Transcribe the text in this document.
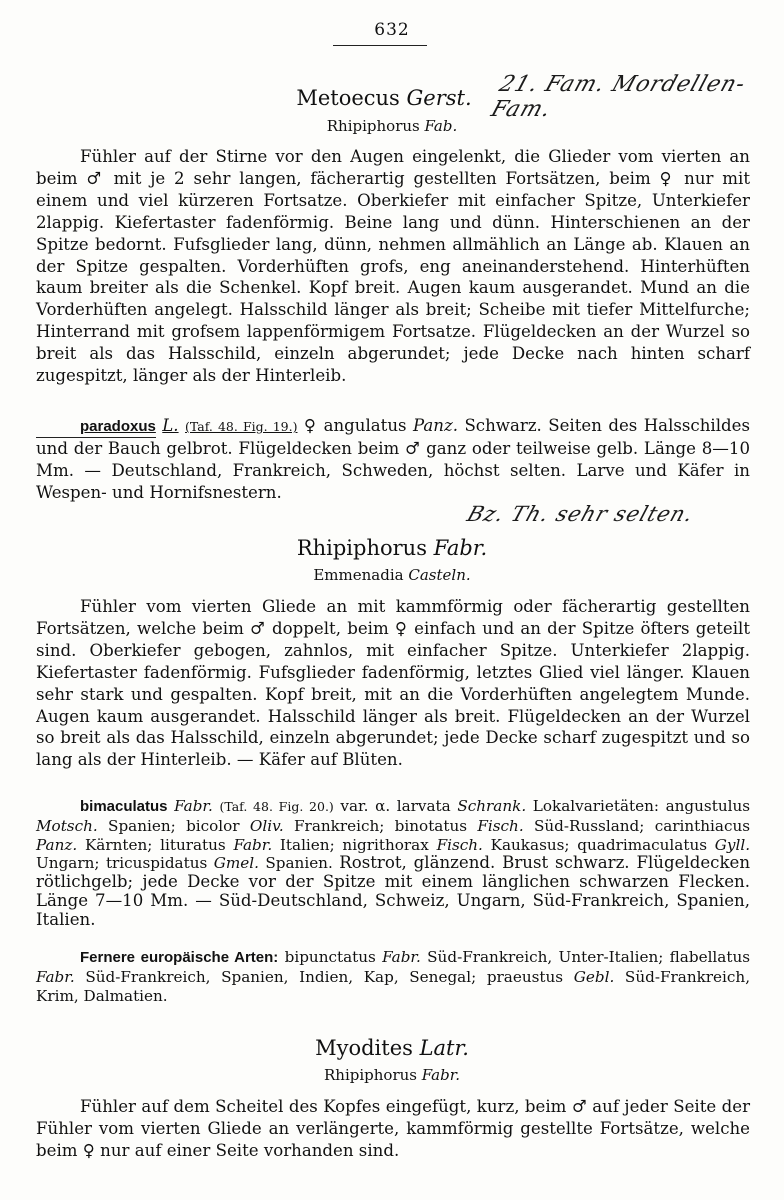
632
21. Fam. Mordellen-Fam.
Metoecus Gerst.
Rhipiphorus Fab.
Fühler auf der Stirne vor den Augen eingelenkt, die Glieder vom vierten an beim ♂ mit je 2 sehr langen, fächerartig gestellten Fortsätzen, beim ♀ nur mit einem und viel kürzeren Fortsatze. Oberkiefer mit einfacher Spitze, Unterkiefer 2lappig. Kiefertaster fadenförmig. Beine lang und dünn. Hinterschienen an der Spitze bedornt. Fufsglieder lang, dünn, nehmen allmählich an Länge ab. Klauen an der Spitze gespalten. Vorderhüften grofs, eng aneinanderstehend. Hinterhüften kaum breiter als die Schenkel. Kopf breit. Augen kaum ausgerandet. Mund an die Vorderhüften angelegt. Halsschild länger als breit; Scheibe mit tiefer Mittelfurche; Hinterrand mit grofsem lappenförmigem Fortsatze. Flügeldecken an der Wurzel so breit als das Halsschild, einzeln abgerundet; jede Decke nach hinten scharf zugespitzt, länger als der Hinterleib.
paradoxus L. (Taf. 48. Fig. 19.) ♀ angulatus Panz. Schwarz. Seiten des Halsschildes und der Bauch gelbrot. Flügeldecken beim ♂ ganz oder teilweise gelb. Länge 8—10 Mm. — Deutschland, Frankreich, Schweden, höchst selten. Larve und Käfer in Wespen- und Hornifsnestern.
Bz. Th. sehr selten.
Rhipiphorus Fabr.
Emmenadia Casteln.
Fühler vom vierten Gliede an mit kammförmig oder fächerartig gestellten Fortsätzen, welche beim ♂ doppelt, beim ♀ einfach und an der Spitze öfters geteilt sind. Oberkiefer gebogen, zahnlos, mit einfacher Spitze. Unterkiefer 2lappig. Kiefertaster fadenförmig. Fufsglieder fadenförmig, letztes Glied viel länger. Klauen sehr stark und gespalten. Kopf breit, mit an die Vorderhüften angelegtem Munde. Augen kaum ausgerandet. Halsschild länger als breit. Flügeldecken an der Wurzel so breit als das Halsschild, einzeln abgerundet; jede Decke scharf zugespitzt und so lang als der Hinterleib. — Käfer auf Blüten.
bimaculatus Fabr. (Taf. 48. Fig. 20.) var. α. larvata Schrank. Lokalvarietäten: angustulus Motsch. Spanien; bicolor Oliv. Frankreich; binotatus Fisch. Süd-Russland; carinthiacus Panz. Kärnten; lituratus Fabr. Italien; nigrithorax Fisch. Kaukasus; quadrimaculatus Gyll. Ungarn; tricuspidatus Gmel. Spanien. Rostrot, glänzend. Brust schwarz. Flügeldecken rötlichgelb; jede Decke vor der Spitze mit einem länglichen schwarzen Flecken. Länge 7—10 Mm. — Süd-Deutschland, Schweiz, Ungarn, Süd-Frankreich, Spanien, Italien.
Fernere europäische Arten: bipunctatus Fabr. Süd-Frankreich, Unter-Italien; flabellatus Fabr. Süd-Frankreich, Spanien, Indien, Kap, Senegal; praeustus Gebl. Süd-Frankreich, Krim, Dalmatien.
Myodites Latr.
Rhipiphorus Fabr.
Fühler auf dem Scheitel des Kopfes eingefügt, kurz, beim ♂ auf jeder Seite der Fühler vom vierten Gliede an verlängerte, kammförmig gestellte Fortsätze, welche beim ♀ nur auf einer Seite vorhanden sind.
